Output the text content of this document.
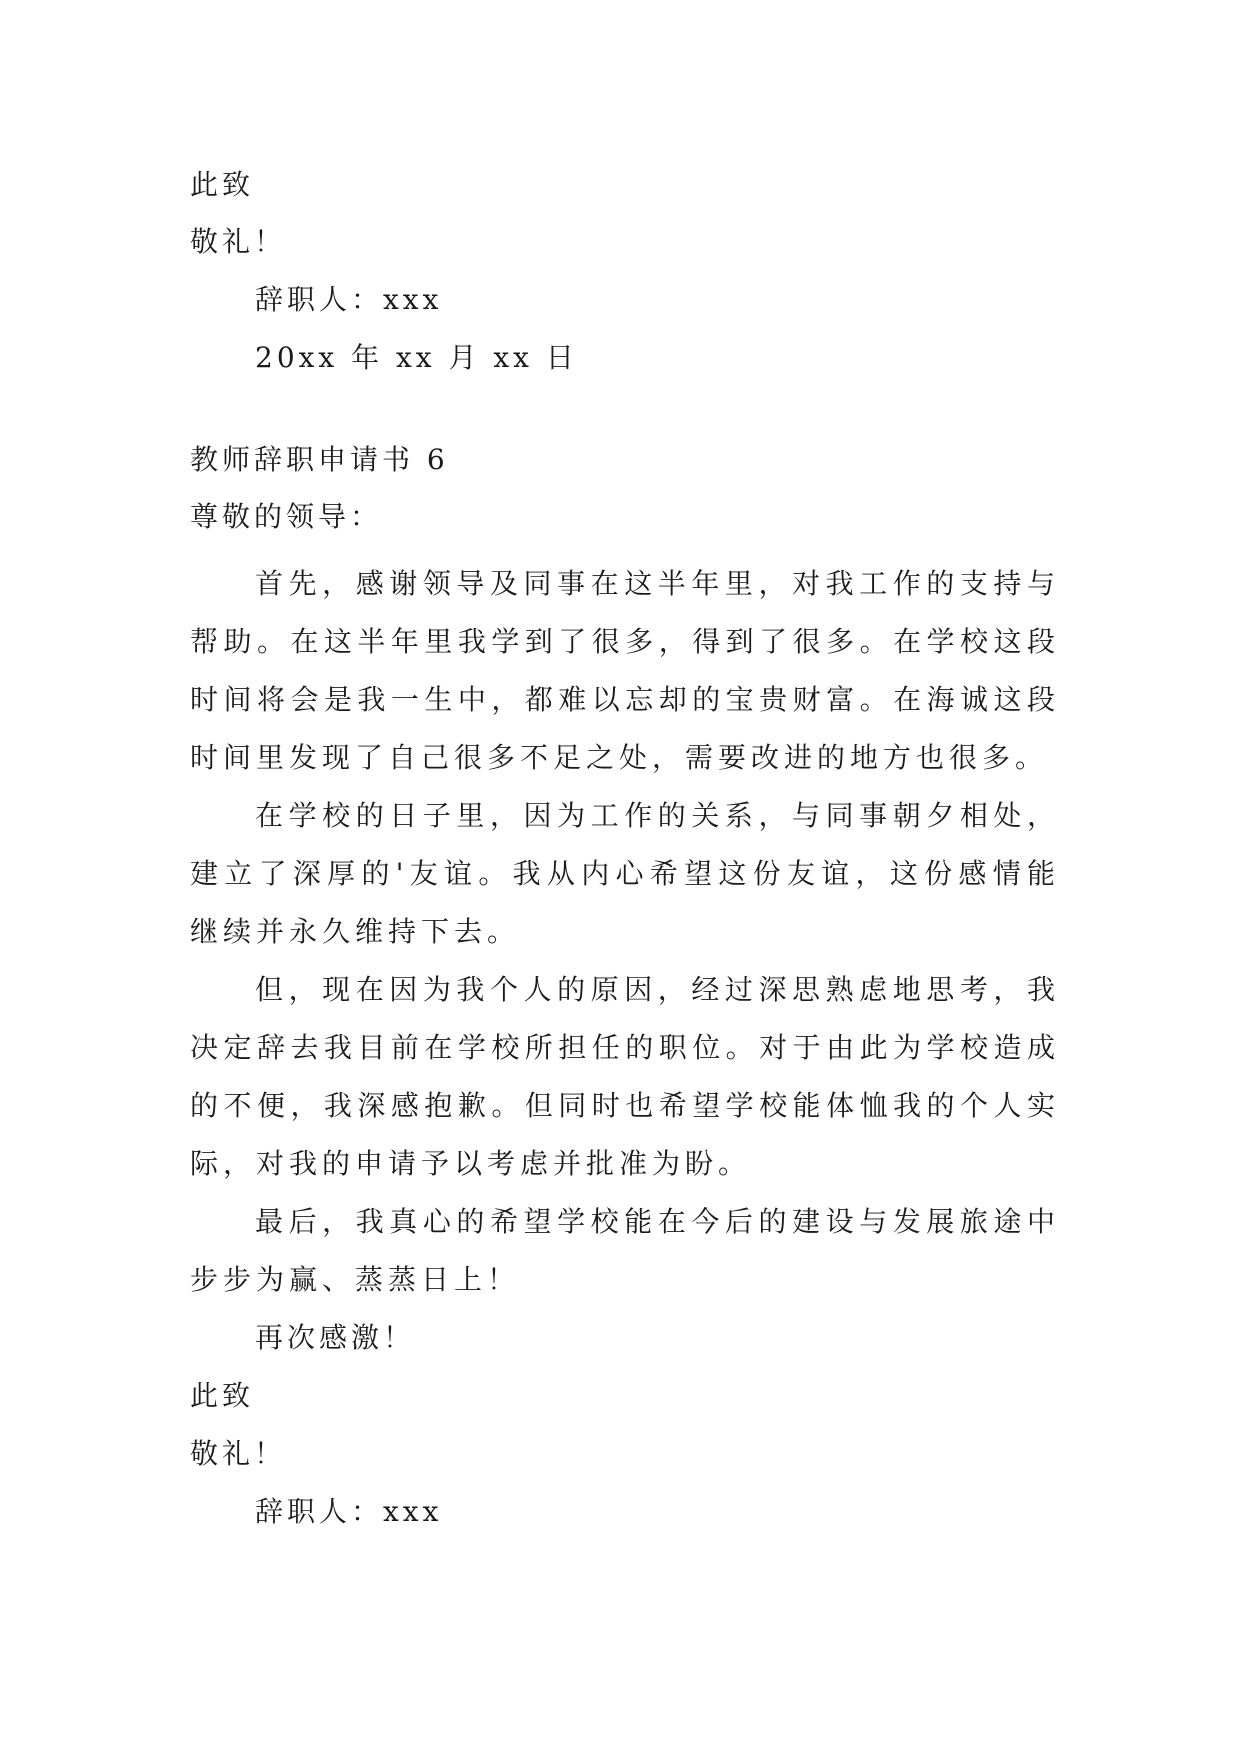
此致
敬礼！
辞职人：xxx
20xx 年 xx 月 xx 日
教师辞职申请书 6
尊敬的领导：
首先，感谢领导及同事在这半年里，对我工作的支持与帮助。在这半年里我学到了很多，得到了很多。在学校这段时间将会是我一生中，都难以忘却的宝贵财富。在海诚这段时间里发现了自己很多不足之处，需要改进的地方也很多。
在学校的日子里，因为工作的关系，与同事朝夕相处，建立了深厚的'友谊。我从内心希望这份友谊，这份感情能继续并永久维持下去。
但，现在因为我个人的原因，经过深思熟虑地思考，我决定辞去我目前在学校所担任的职位。对于由此为学校造成的不便，我深感抱歉。但同时也希望学校能体恤我的个人实际，对我的申请予以考虑并批准为盼。
最后，我真心的希望学校能在今后的建设与发展旅途中步步为赢、蒸蒸日上！
再次感激！
此致
敬礼！
辞职人：xxx
